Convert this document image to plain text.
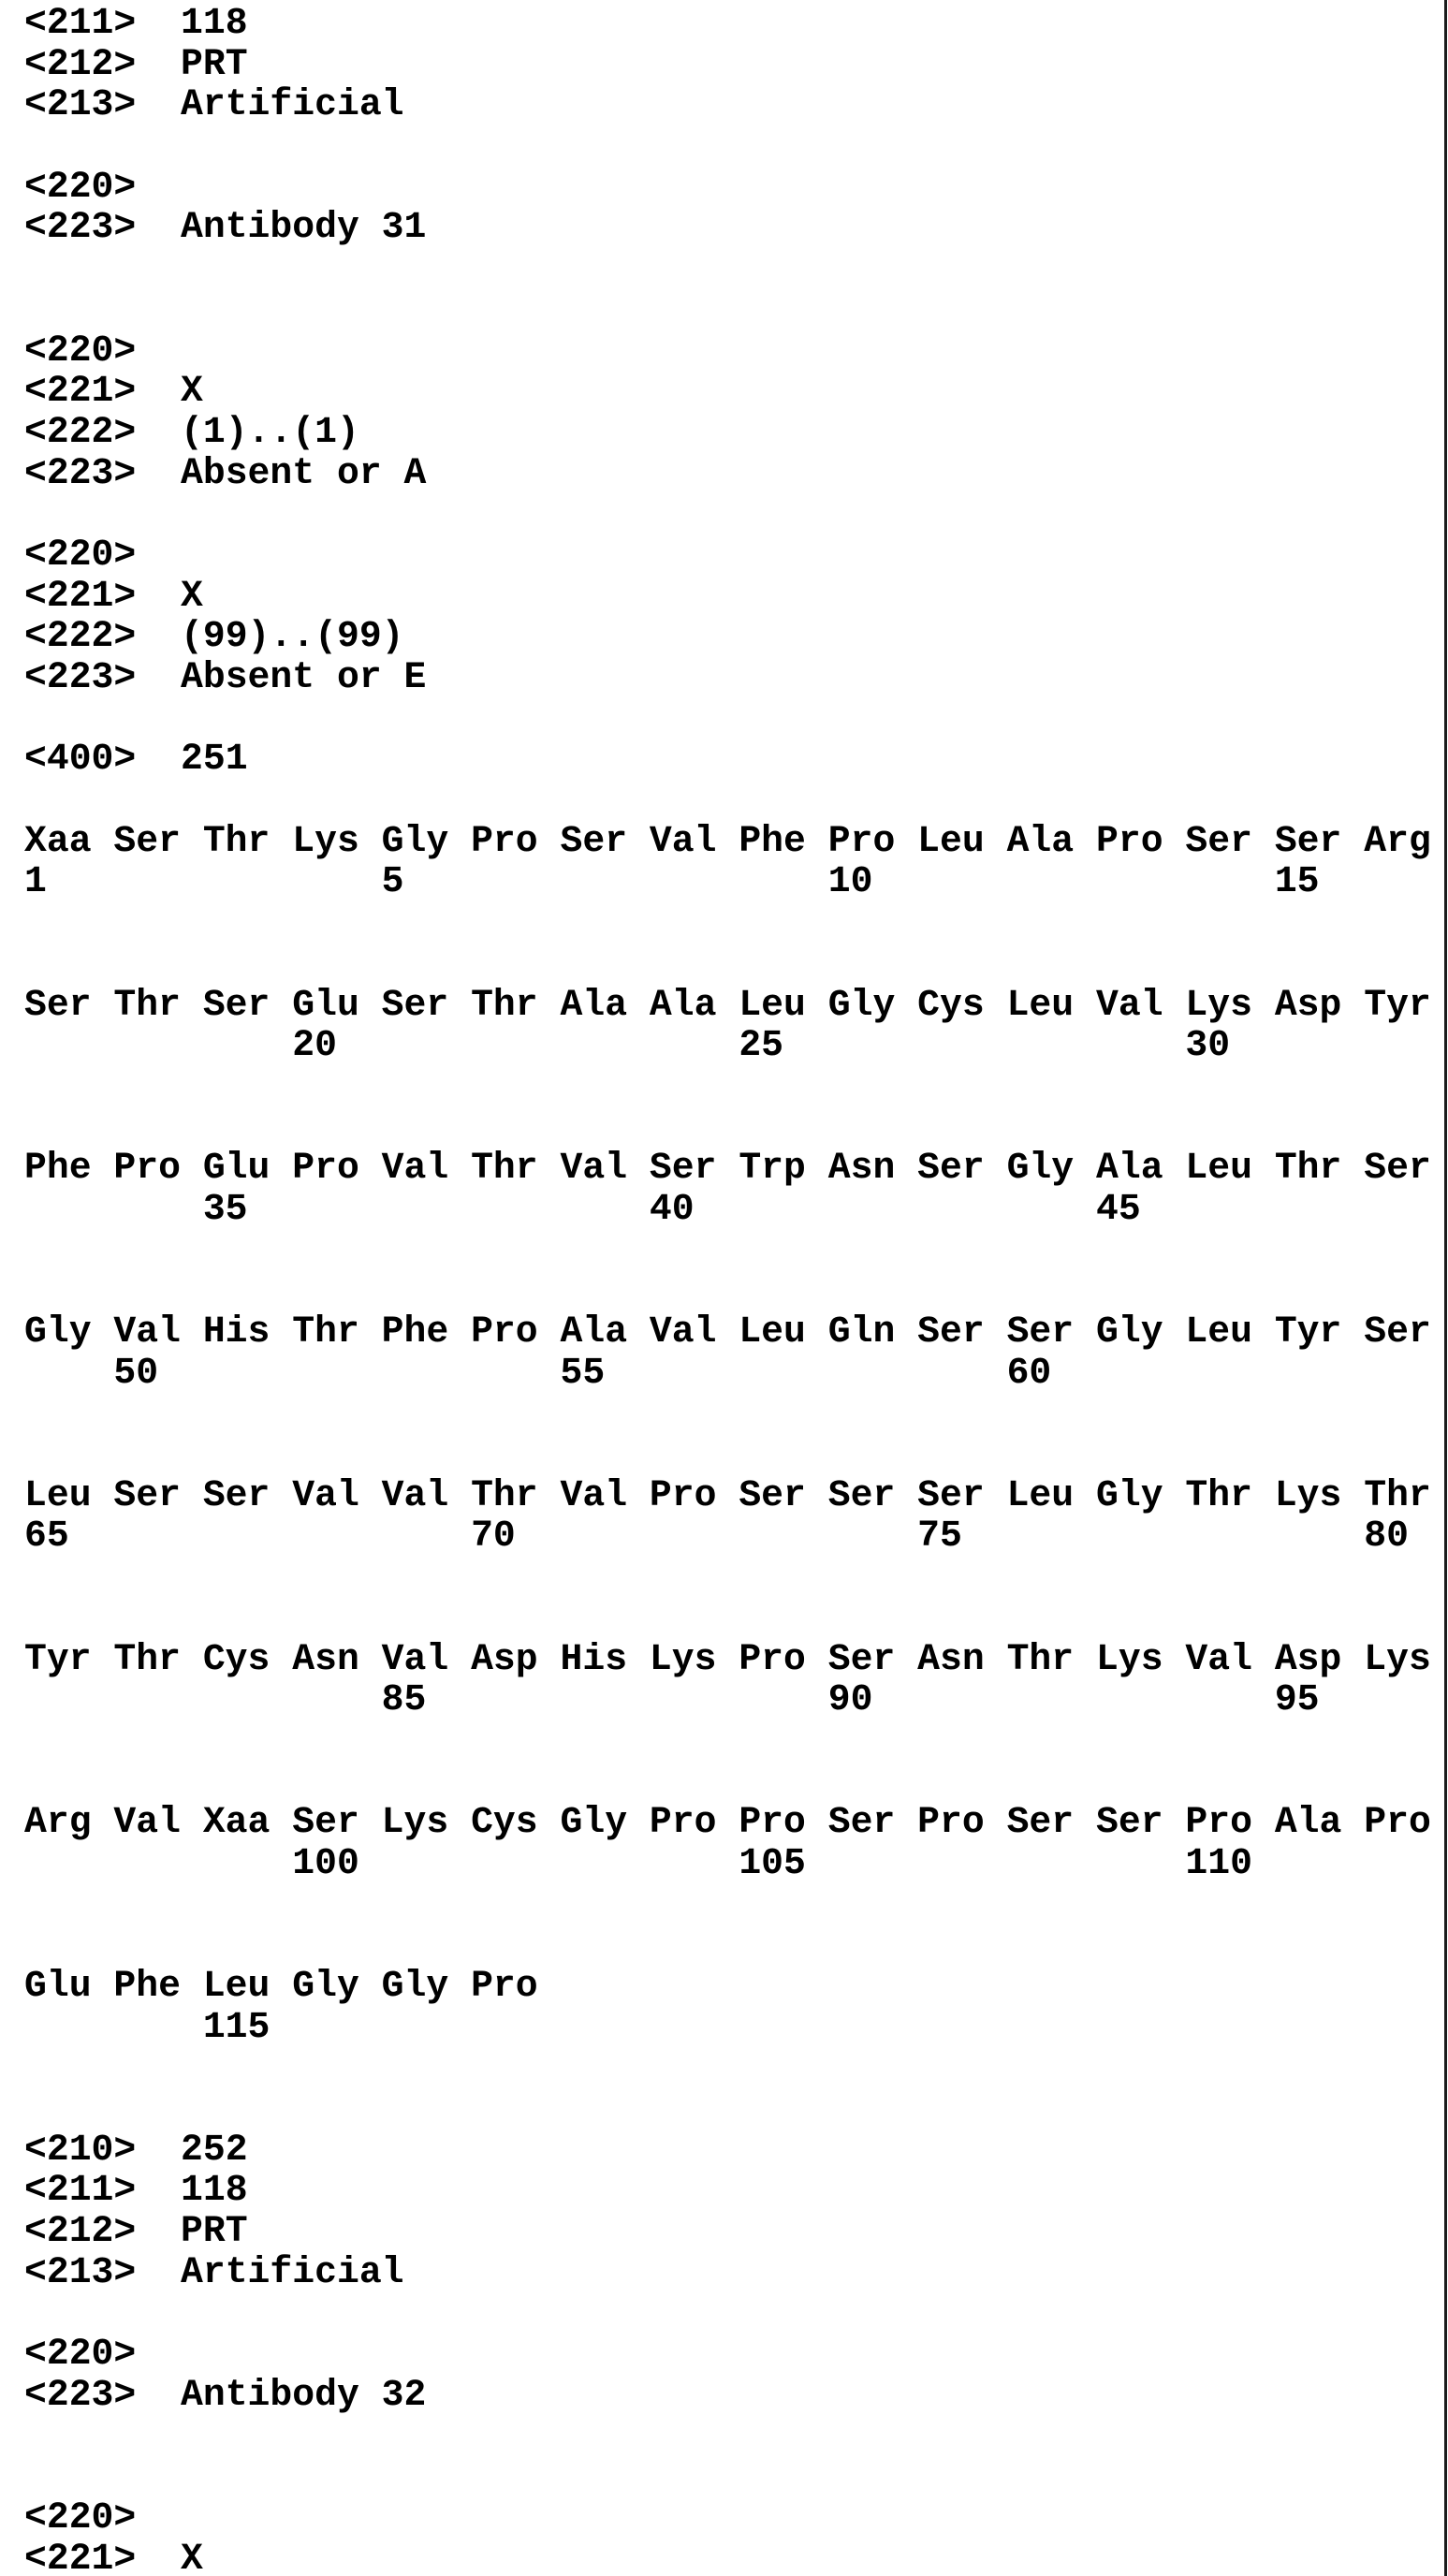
<211> 118
<212> PRT
<213> Artificial
<220>
<223> Antibody 31
<220>
<221> X
<222> (1)..(1)
<223> Absent or A
<220>
<221> X
<222> (99)..(99)
<223> Absent or E
<400> 251
Xaa Ser Thr Lys Gly Pro Ser Val Phe Pro Leu Ala Pro Ser Ser Arg
1               5                   10                  15
Ser Thr Ser Glu Ser Thr Ala Ala Leu Gly Cys Leu Val Lys Asp Tyr
20                  25                  30
Phe Pro Glu Pro Val Thr Val Ser Trp Asn Ser Gly Ala Leu Thr Ser
35                  40                  45
Gly Val His Thr Phe Pro Ala Val Leu Gln Ser Ser Gly Leu Tyr Ser
50                  55                  60
Leu Ser Ser Val Val Thr Val Pro Ser Ser Ser Leu Gly Thr Lys Thr
65                  70                  75                  80
Tyr Thr Cys Asn Val Asp His Lys Pro Ser Asn Thr Lys Val Asp Lys
85                  90                  95
Arg Val Xaa Ser Lys Cys Gly Pro Pro Ser Pro Ser Ser Pro Ala Pro
100                 105                 110
Glu Phe Leu Gly Gly Pro
115
<210> 252
<211> 118
<212> PRT
<213> Artificial
<220>
<223> Antibody 32
<220>
<221> X
